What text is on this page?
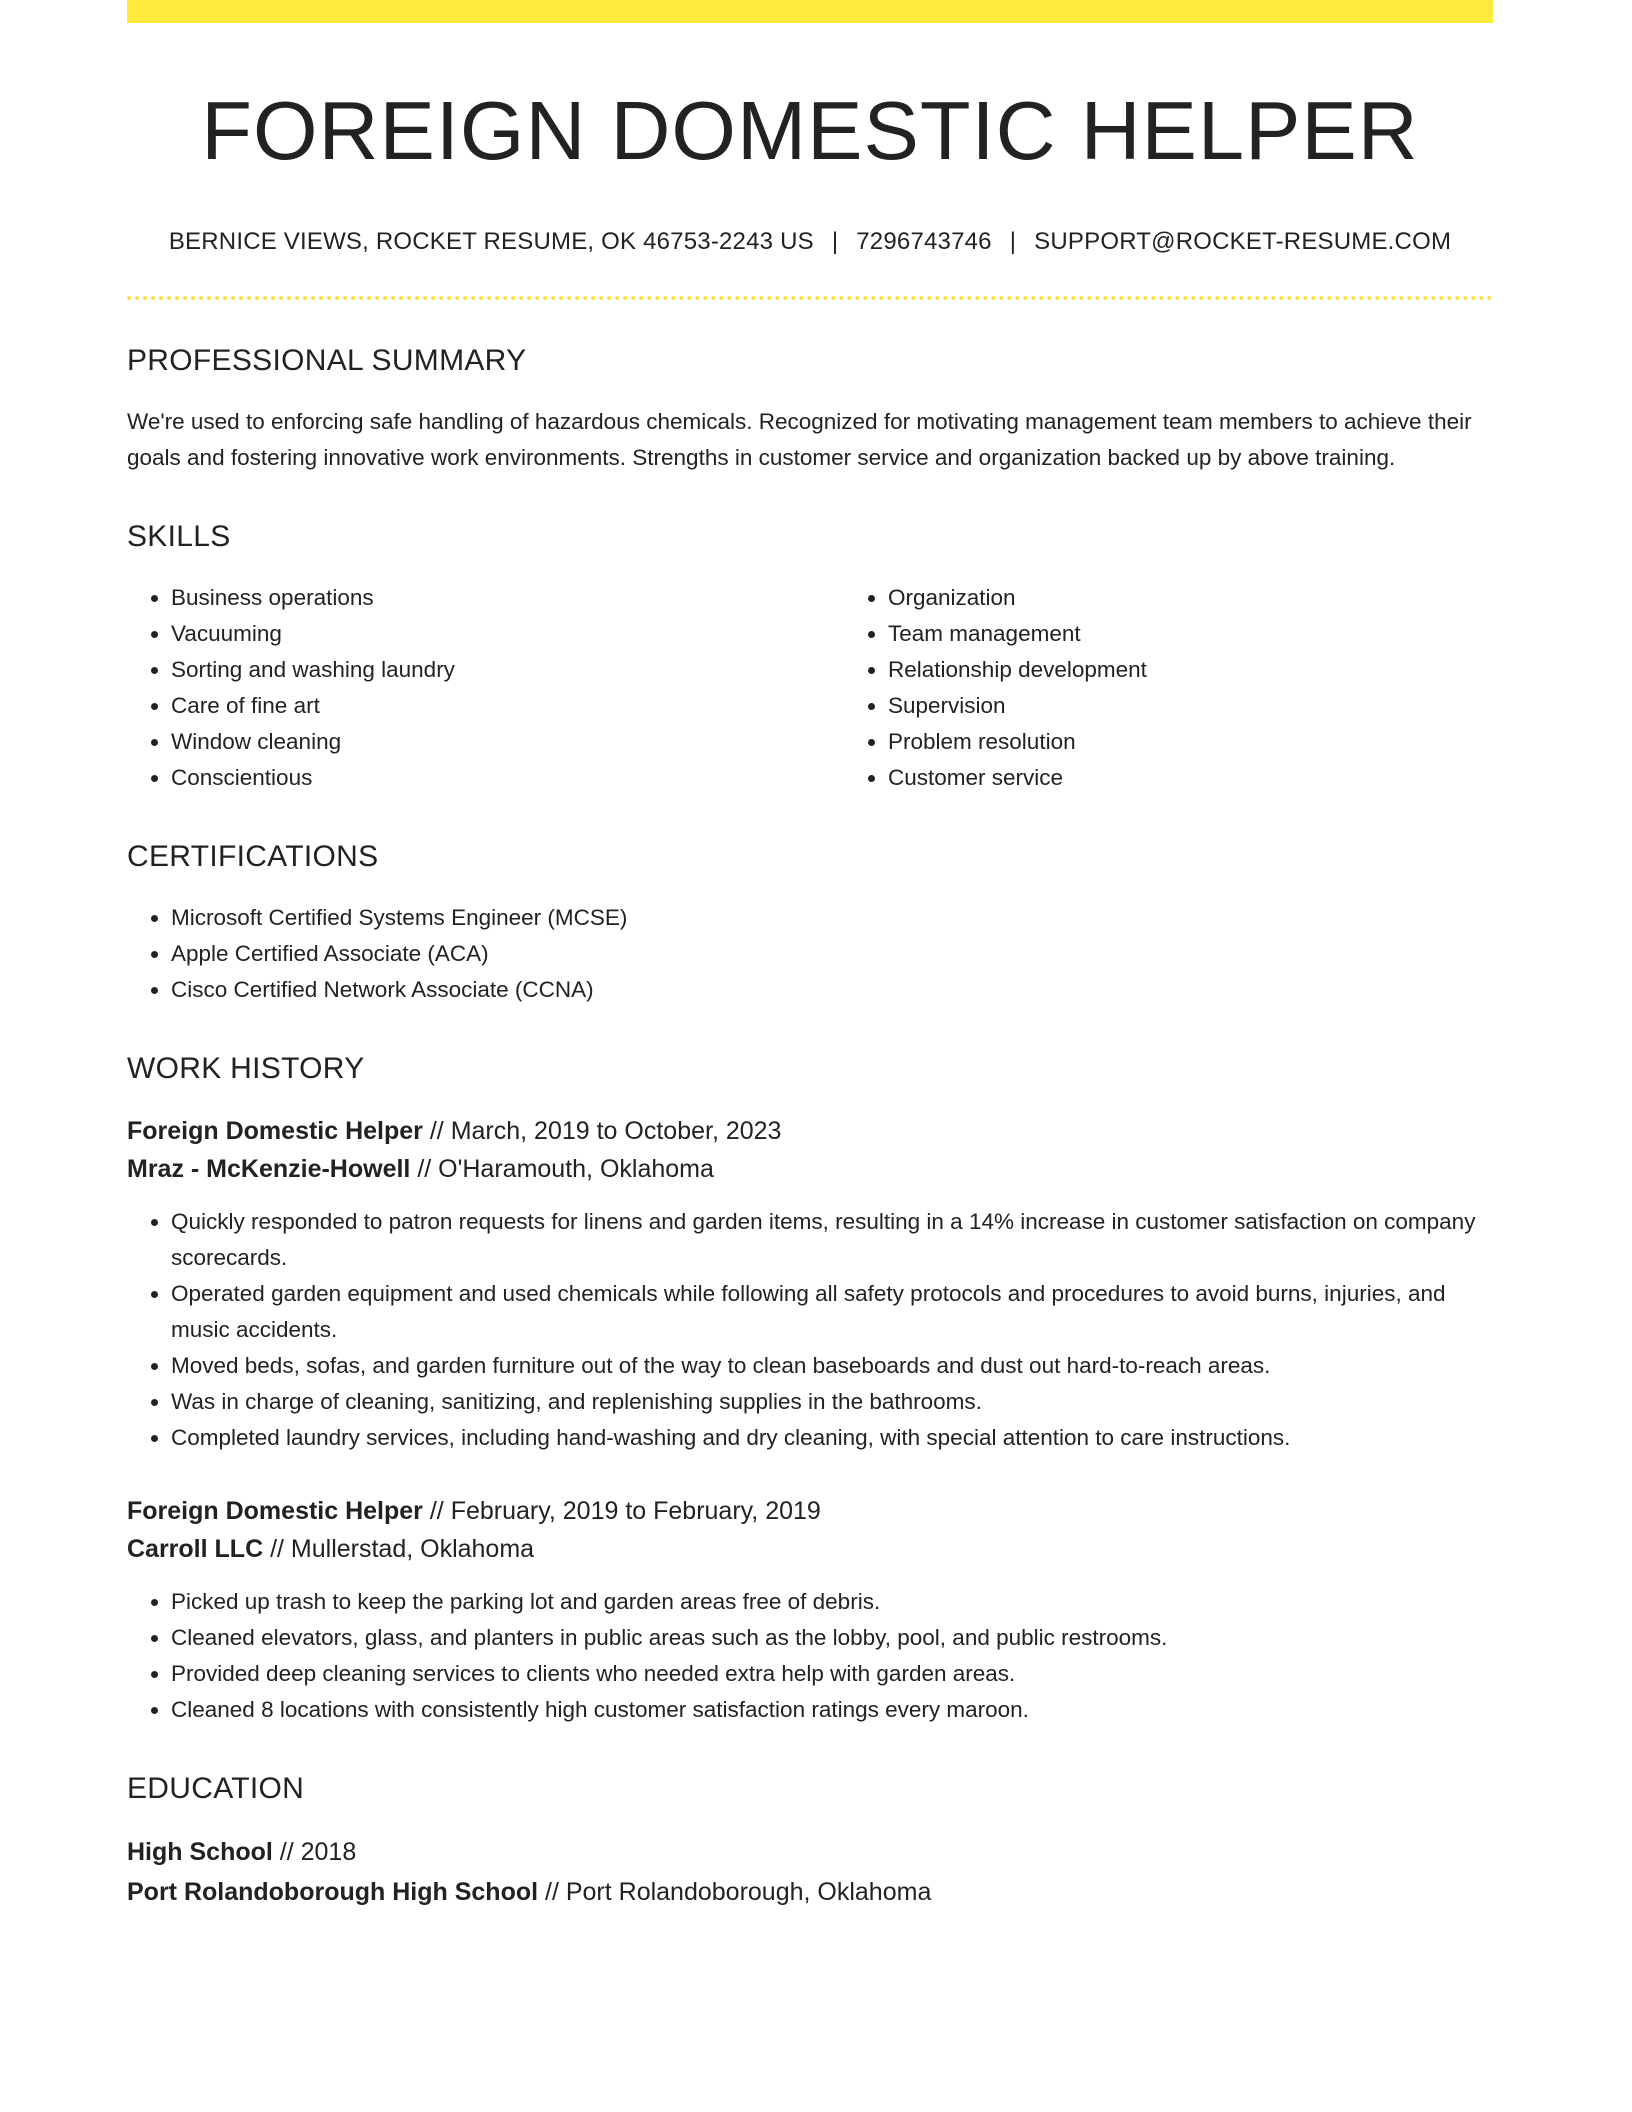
FOREIGN DOMESTIC HELPER
BERNICE VIEWS, ROCKET RESUME, OK 46753-2243 US | 7296743746 | SUPPORT@ROCKET-RESUME.COM
PROFESSIONAL SUMMARY

We're used to enforcing safe handling of hazardous chemicals. Recognized for motivating management team members to achieve their goals and fostering innovative work environments. Strengths in customer service and organization backed up by above training.

SKILLS
• Business operations
• Vacuuming
• Sorting and washing laundry
• Care of fine art
• Window cleaning
• Conscientious
• Organization
• Team management
• Relationship development
• Supervision
• Problem resolution
• Customer service
CERTIFICATIONS
• Microsoft Certified Systems Engineer (MCSE)
• Apple Certified Associate (ACA)
• Cisco Certified Network Associate (CCNA)
WORK HISTORY
Foreign Domestic Helper // March, 2019 to October, 2023
Mraz - McKenzie-Howell // O'Haramouth, Oklahoma
• Quickly responded to patron requests for linens and garden items, resulting in a 14% increase in customer satisfaction on company scorecards.
• Operated garden equipment and used chemicals while following all safety protocols and procedures to avoid burns, injuries, and music accidents.
• Moved beds, sofas, and garden furniture out of the way to clean baseboards and dust out hard-to-reach areas.
• Was in charge of cleaning, sanitizing, and replenishing supplies in the bathrooms.
• Completed laundry services, including hand-washing and dry cleaning, with special attention to care instructions.
Foreign Domestic Helper // February, 2019 to February, 2019
Carroll LLC // Mullerstad, Oklahoma
• Picked up trash to keep the parking lot and garden areas free of debris.
• Cleaned elevators, glass, and planters in public areas such as the lobby, pool, and public restrooms.
• Provided deep cleaning services to clients who needed extra help with garden areas.
• Cleaned 8 locations with consistently high customer satisfaction ratings every maroon.
EDUCATION
High School // 2018
Port Rolandoborough High School // Port Rolandoborough, Oklahoma
